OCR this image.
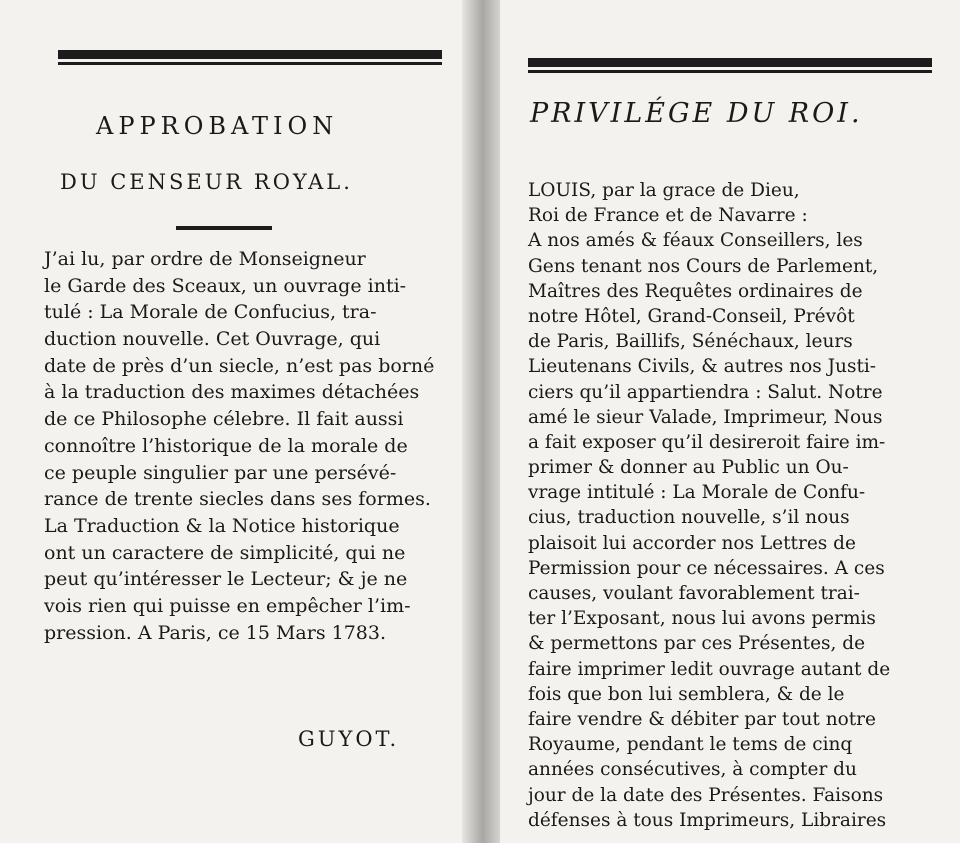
APPROBATION
DU CENSEUR ROYAL.
J’ai lu, par ordre de Monseigneur
le Garde des Sceaux, un ouvrage inti-
tulé : La Morale de Confucius, tra-
duction nouvelle. Cet Ouvrage, qui
date de près d’un siecle, n’est pas borné
à la traduction des maximes détachées
de ce Philosophe célebre. Il fait aussi
connoître l’historique de la morale de
ce peuple singulier par une persévé-
rance de trente siecles dans ses formes.
La Traduction & la Notice historique
ont un caractere de simplicité, qui ne
peut qu’intéresser le Lecteur; & je ne
vois rien qui puisse en empêcher l’im-
pression. A Paris, ce 15 Mars 1783.

GUYOT.

PRIVILÉGE DU ROI.
LOUIS, par la grace de Dieu,
Roi de France et de Navarre :
A nos amés & féaux Conseillers, les
Gens tenant nos Cours de Parlement,
Maîtres des Requêtes ordinaires de
notre Hôtel, Grand-Conseil, Prévôt
de Paris, Baillifs, Sénéchaux, leurs
Lieutenans Civils, & autres nos Justi-
ciers qu’il appartiendra : Salut. Notre
amé le sieur Valade, Imprimeur, Nous
a fait exposer qu’il desireroit faire im-
primer & donner au Public un Ou-
vrage intitulé : La Morale de Confu-
cius, traduction nouvelle, s’il nous
plaisoit lui accorder nos Lettres de
Permission pour ce nécessaires. A ces
causes, voulant favorablement trai-
ter l’Exposant, nous lui avons permis
& permettons par ces Présentes, de
faire imprimer ledit ouvrage autant de
fois que bon lui semblera, & de le
faire vendre & débiter par tout notre
Royaume, pendant le tems de cinq
années consécutives, à compter du
jour de la date des Présentes. Faisons
défenses à tous Imprimeurs, Libraires
